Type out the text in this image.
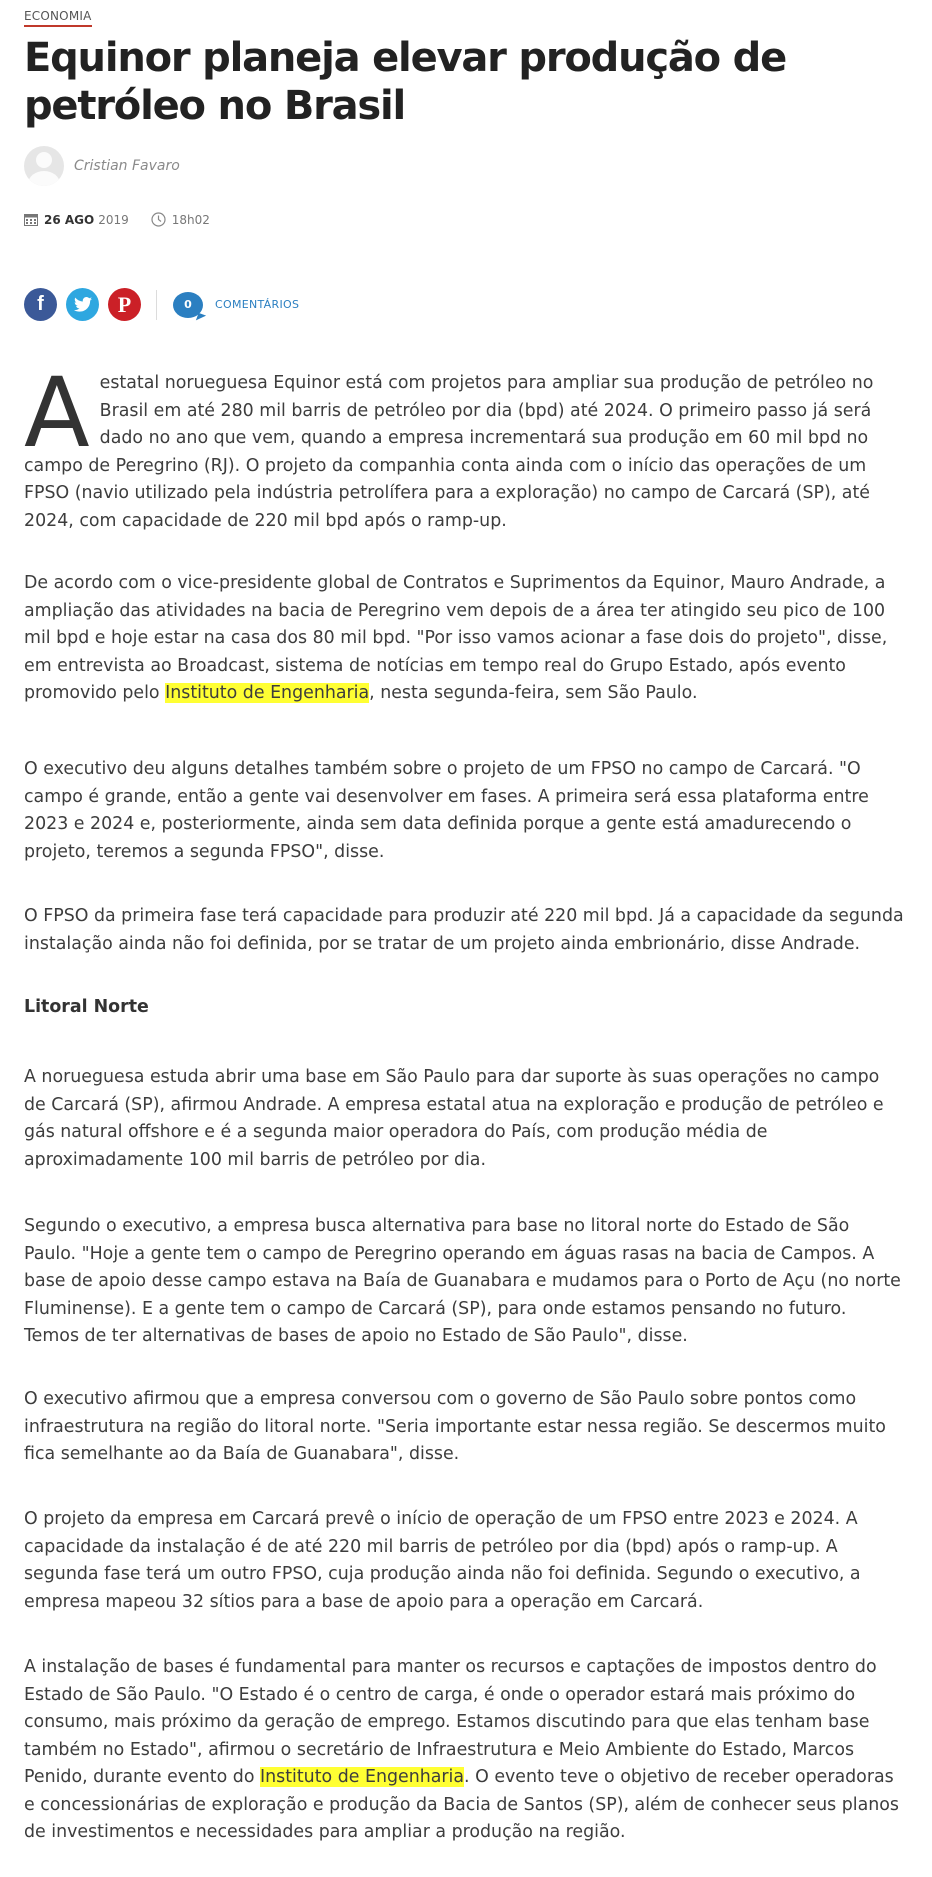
ECONOMIA
Equinor planeja elevar produção de petróleo no Brasil
Cristian Favaro
26 AGO 2019	18h02
f	P	0 COMENTÁRIOS

A estatal norueguesa Equinor está com projetos para ampliar sua produção de petróleo no Brasil em até 280 mil barris de petróleo por dia (bpd) até 2024. O primeiro passo já será dado no ano que vem, quando a empresa incrementará sua produção em 60 mil bpd no campo de Peregrino (RJ). O projeto da companhia conta ainda com o início das operações de um FPSO (navio utilizado pela indústria petrolífera para a exploração) no campo de Carcará (SP), até 2024, com capacidade de 220 mil bpd após o ramp-up.

De acordo com o vice-presidente global de Contratos e Suprimentos da Equinor, Mauro Andrade, a ampliação das atividades na bacia de Peregrino vem depois de a área ter atingido seu pico de 100 mil bpd e hoje estar na casa dos 80 mil bpd. "Por isso vamos acionar a fase dois do projeto", disse, em entrevista ao Broadcast, sistema de notícias em tempo real do Grupo Estado, após evento promovido pelo Instituto de Engenharia, nesta segunda-feira, sem São Paulo.

O executivo deu alguns detalhes também sobre o projeto de um FPSO no campo de Carcará. "O campo é grande, então a gente vai desenvolver em fases. A primeira será essa plataforma entre 2023 e 2024 e, posteriormente, ainda sem data definida porque a gente está amadurecendo o projeto, teremos a segunda FPSO", disse.

O FPSO da primeira fase terá capacidade para produzir até 220 mil bpd. Já a capacidade da segunda instalação ainda não foi definida, por se tratar de um projeto ainda embrionário, disse Andrade.

Litoral Norte

A norueguesa estuda abrir uma base em São Paulo para dar suporte às suas operações no campo de Carcará (SP), afirmou Andrade. A empresa estatal atua na exploração e produção de petróleo e gás natural offshore e é a segunda maior operadora do País, com produção média de aproximadamente 100 mil barris de petróleo por dia.

Segundo o executivo, a empresa busca alternativa para base no litoral norte do Estado de São Paulo. "Hoje a gente tem o campo de Peregrino operando em águas rasas na bacia de Campos. A base de apoio desse campo estava na Baía de Guanabara e mudamos para o Porto de Açu (no norte Fluminense). E a gente tem o campo de Carcará (SP), para onde estamos pensando no futuro. Temos de ter alternativas de bases de apoio no Estado de São Paulo", disse.

O executivo afirmou que a empresa conversou com o governo de São Paulo sobre pontos como infraestrutura na região do litoral norte. "Seria importante estar nessa região. Se descermos muito fica semelhante ao da Baía de Guanabara", disse.

O projeto da empresa em Carcará prevê o início de operação de um FPSO entre 2023 e 2024. A capacidade da instalação é de até 220 mil barris de petróleo por dia (bpd) após o ramp-up. A segunda fase terá um outro FPSO, cuja produção ainda não foi definida. Segundo o executivo, a empresa mapeou 32 sítios para a base de apoio para a operação em Carcará.

A instalação de bases é fundamental para manter os recursos e captações de impostos dentro do Estado de São Paulo. "O Estado é o centro de carga, é onde o operador estará mais próximo do consumo, mais próximo da geração de emprego. Estamos discutindo para que elas tenham base também no Estado", afirmou o secretário de Infraestrutura e Meio Ambiente do Estado, Marcos Penido, durante evento do Instituto de Engenharia. O evento teve o objetivo de receber operadoras e concessionárias de exploração e produção da Bacia de Santos (SP), além de conhecer seus planos de investimentos e necessidades para ampliar a produção na região.
